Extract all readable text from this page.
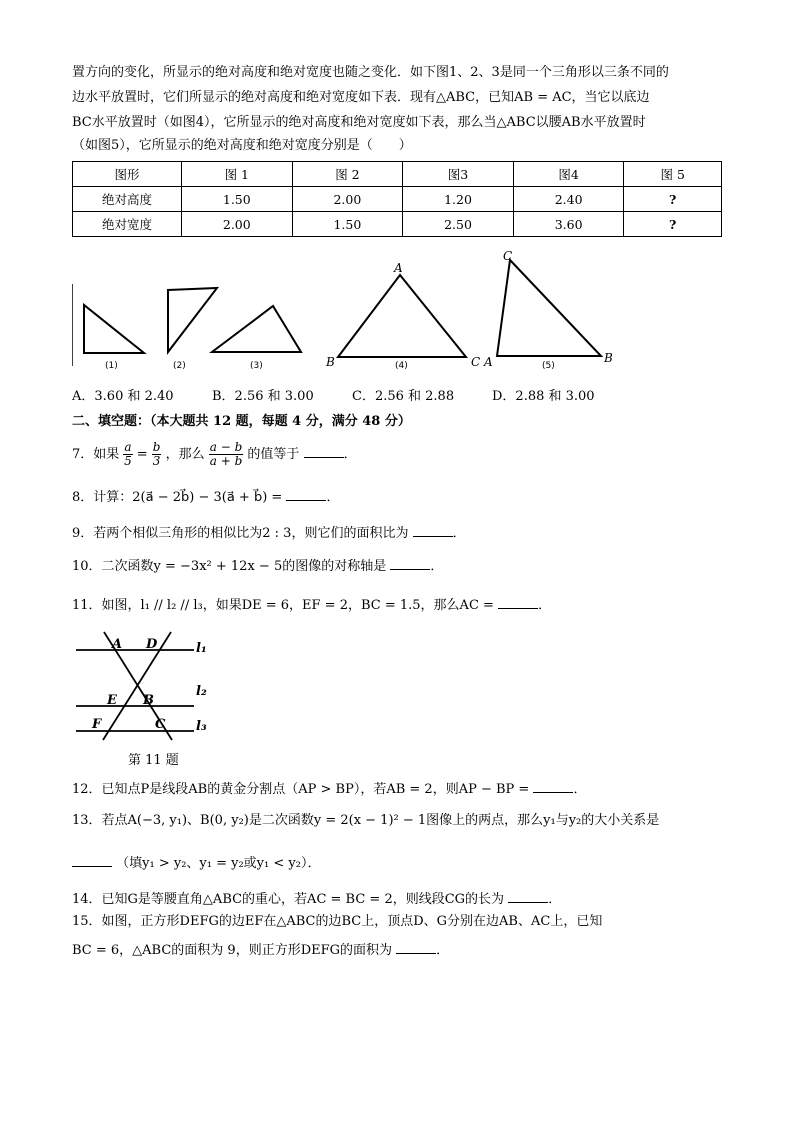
置方向的变化，所显示的绝对高度和绝对宽度也随之变化．如下图1、2、3是同一个三角形以三条不同的
边水平放置时，它们所显示的绝对高度和绝对宽度如下表．现有△ABC，已知AB = AC，当它以底边
BC水平放置时（如图4），它所显示的绝对高度和绝对宽度如下表，那么当△ABC以腰AB水平放置时
（如图5），它所显示的绝对高度和绝对宽度分别是（　　）
图形	图 1	图 2	图3	图4	图 5
绝对高度	1.50	2.00	1.20	2.40	?
绝对宽度	2.00	1.50	2.50	3.60	?
(1)	(2)	(3)	(4)	(5)
A
B	C
C
A	B
A．3.60 和 2.40	B．2.56 和 3.00	C．2.56 和 2.88	D．2.88 和 3.00
二、填空题：（本大题共 12 题，每题 4 分，满分 48 分）
7．如果 $\frac{a}{5} = \frac{b}{3}$ ，那么 $\frac{a - b}{a + b}$ 的值等于	．
8．计算：2(a⃗ − 2b⃗) − 3(a⃗ + b⃗) =	．
9．若两个相似三角形的相似比为2 : 3，则它们的面积比为	．
10．二次函数y = −3x² + 12x − 5的图像的对称轴是	．
11．如图，l₁ // l₂ // l₃，如果DE = 6，EF = 2，BC = 1.5，那么AC =	．
A D
E B
F	C
l₁
l₂
l₃
第 11 题
12．已知点P是线段AB的黄金分割点（AP > BP），若AB = 2，则AP − BP =	．
13．若点A(−3, y₁)、B(0, y₂)是二次函数y = 2(x − 1)² − 1图像上的两点，那么y₁与y₂的大小关系是
（填y₁ > y₂、y₁ = y₂或y₁ < y₂）．
14．已知G是等腰直角△ABC的重心，若AC = BC = 2，则线段CG的长为	．
15．如图，正方形DEFG的边EF在△ABC的边BC上，顶点D、G分别在边AB、AC上，已知
BC = 6，△ABC的面积为 9，则正方形DEFG的面积为	．
